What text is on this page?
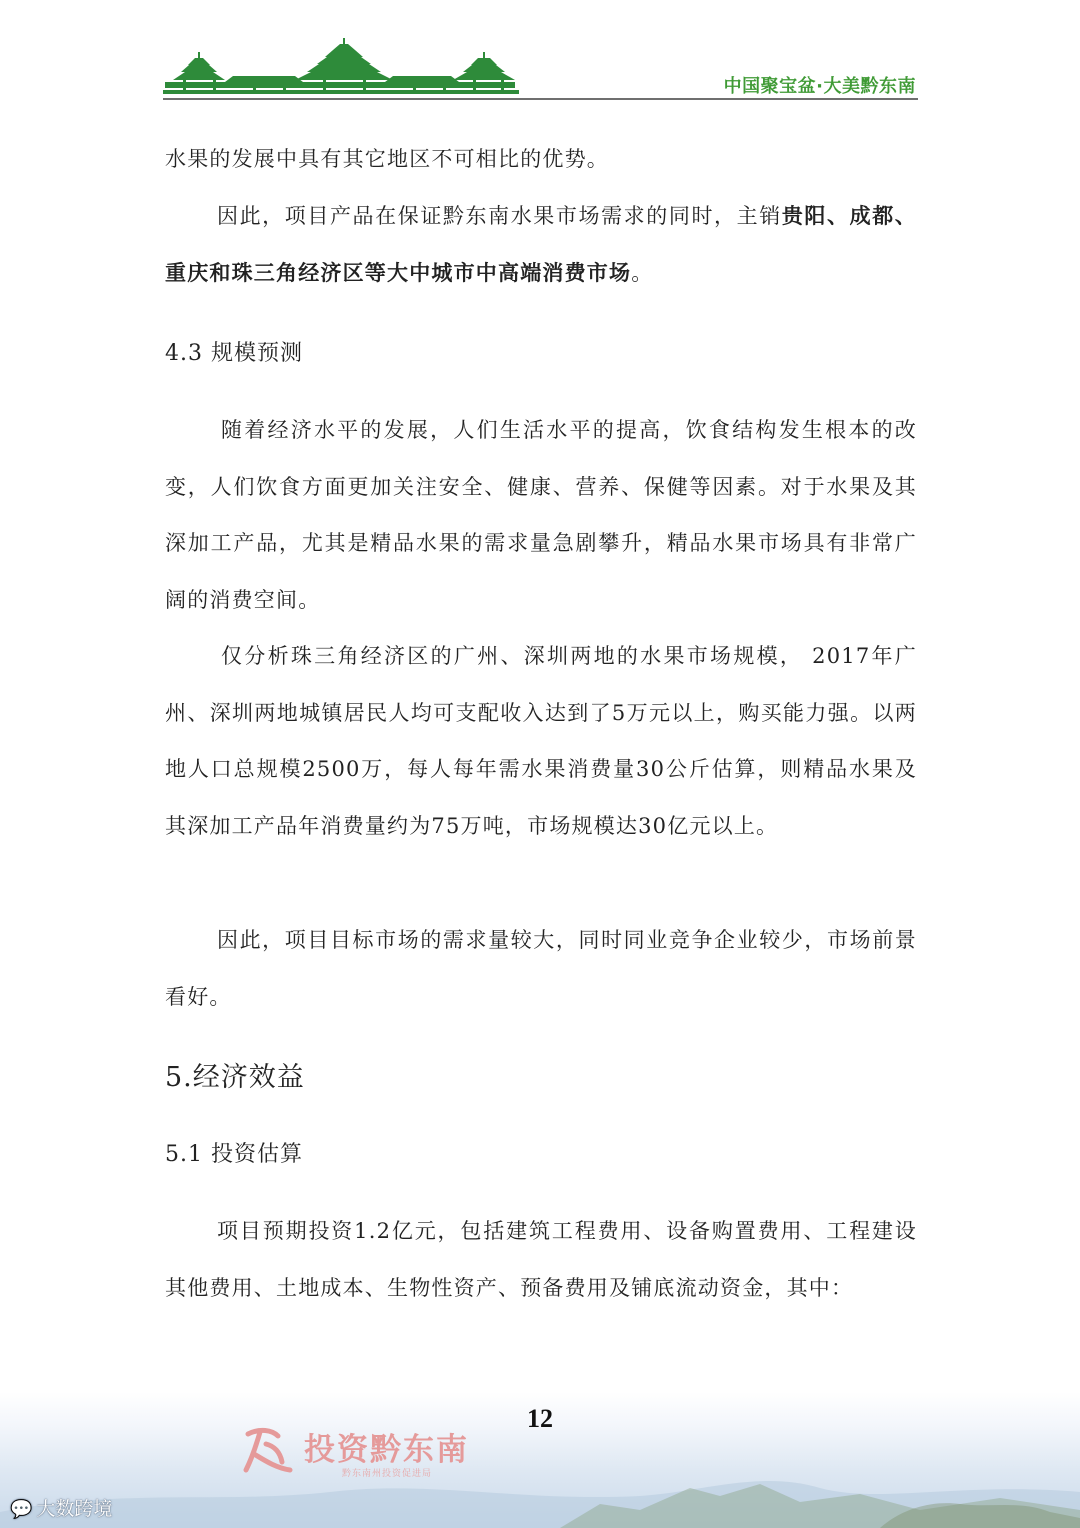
中国聚宝盆·大美黔东南

水果的发展中具有其它地区不可相比的优势。

因此，项目产品在保证黔东南水果市场需求的同时，主销贵阳、成都、重庆和珠三角经济区等大中城市中高端消费市场。

4.3 规模预测

随着经济水平的发展，人们生活水平的提高，饮食结构发生根本的改变，人们饮食方面更加关注安全、健康、营养、保健等因素。对于水果及其深加工产品，尤其是精品水果的需求量急剧攀升，精品水果市场具有非常广阔的消费空间。

仅分析珠三角经济区的广州、深圳两地的水果市场规模， 2017年广州、深圳两地城镇居民人均可支配收入达到了5万元以上，购买能力强。以两地人口总规模2500万，每人每年需水果消费量30公斤估算，则精品水果及其深加工产品年消费量约为75万吨，市场规模达30亿元以上。

因此，项目目标市场的需求量较大，同时同业竞争企业较少，市场前景看好。

5.经济效益
5.1 投资估算

项目预期投资1.2亿元，包括建筑工程费用、设备购置费用、工程建设其他费用、土地成本、生物性资产、预备费用及铺底流动资金，其中：

12
投资黔东南
黔东南州投资促进局
💬 大数跨境
